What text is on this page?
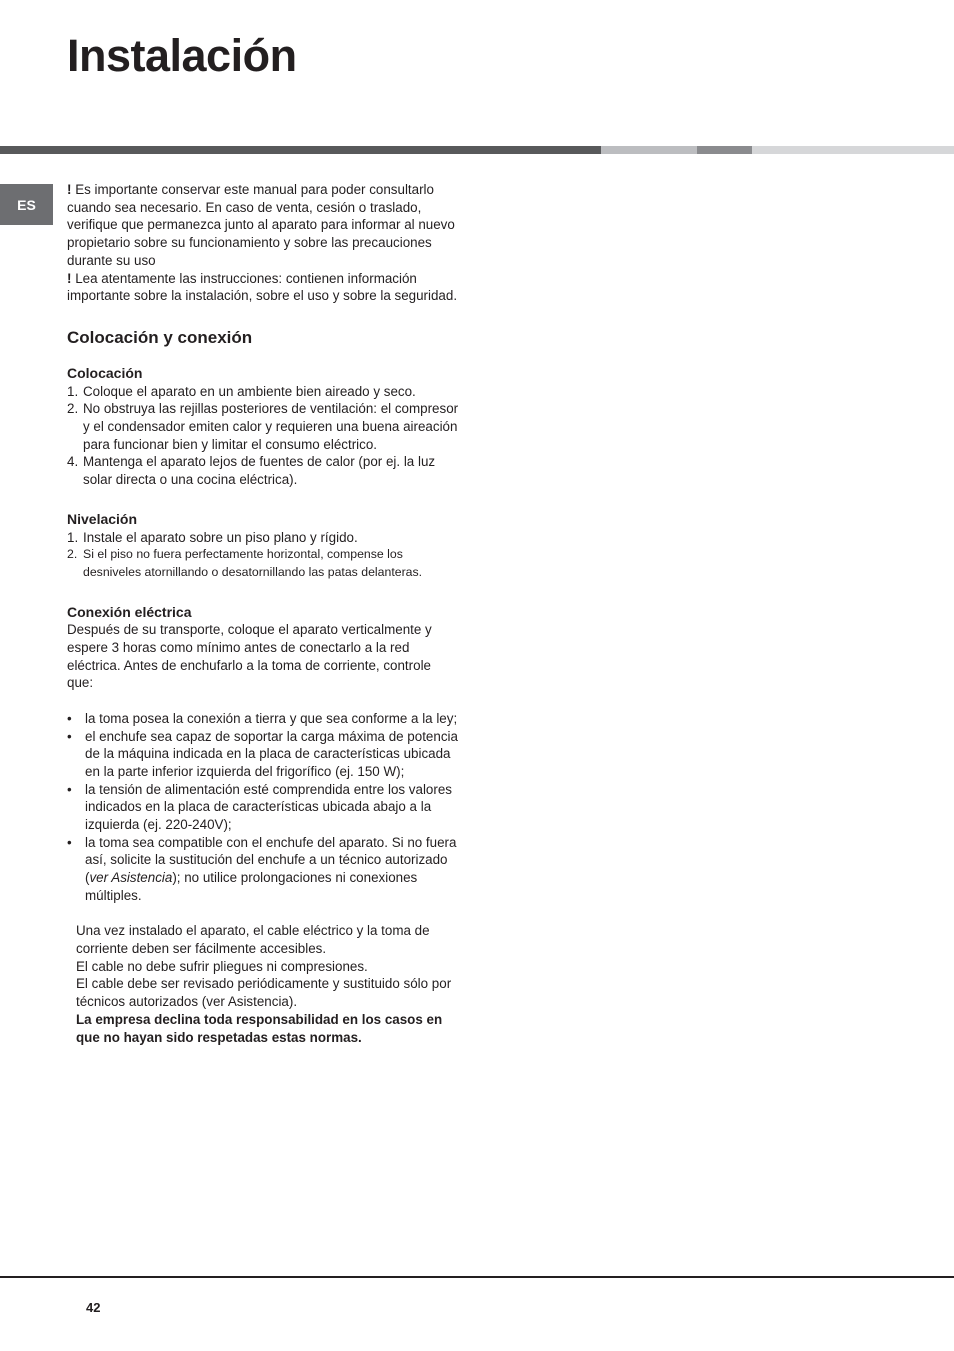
Instalación
ES

! Es importante conservar este manual para poder consultarlo cuando sea necesario. En caso de venta, cesión o traslado, verifique que permanezca junto al aparato para informar al nuevo propietario sobre su funcionamiento y sobre las precauciones durante su uso

! Lea atentamente las instrucciones: contienen información importante sobre la instalación, sobre el uso y sobre la seguridad.

Colocación y conexión
Colocación
1. Coloque el aparato en un ambiente bien aireado y seco.
2. No obstruya las rejillas posteriores de ventilación: el compresor y el condensador emiten calor y requieren una buena aireación para funcionar bien y limitar el consumo eléctrico.
4. Mantenga el aparato lejos de fuentes de calor (por ej. la luz solar directa o una cocina eléctrica).
Nivelación
1. Instale el aparato sobre un piso plano y rígido.
2. Si el piso no fuera perfectamente horizontal, compense los desniveles atornillando o desatornillando las patas delanteras.
Conexión eléctrica

Después de su transporte, coloque el aparato verticalmente y espere 3 horas como mínimo antes de conectarlo a la red eléctrica. Antes de enchufarlo a la toma de corriente, controle que:

• la toma posea la conexión a tierra y que sea conforme a la ley;
• el enchufe sea capaz de soportar la carga máxima de potencia de la máquina indicada en la placa de características ubicada en la parte inferior izquierda del frigorífico (ej. 150 W);
• la tensión de alimentación esté comprendida entre los valores indicados en la placa de características ubicada abajo a la izquierda (ej. 220-240V);
• la toma sea compatible con el enchufe del aparato. Si no fuera así, solicite la sustitución del enchufe a un técnico autorizado (ver Asistencia); no utilice prolongaciones ni conexiones múltiples.

Una vez instalado el aparato, el cable eléctrico y la toma de corriente deben ser fácilmente accesibles.

El cable no debe sufrir pliegues ni compresiones.

El cable debe ser revisado periódicamente y sustituido sólo por técnicos autorizados (ver Asistencia).

La empresa declina toda responsabilidad en los casos en que no hayan sido respetadas estas normas.

42
